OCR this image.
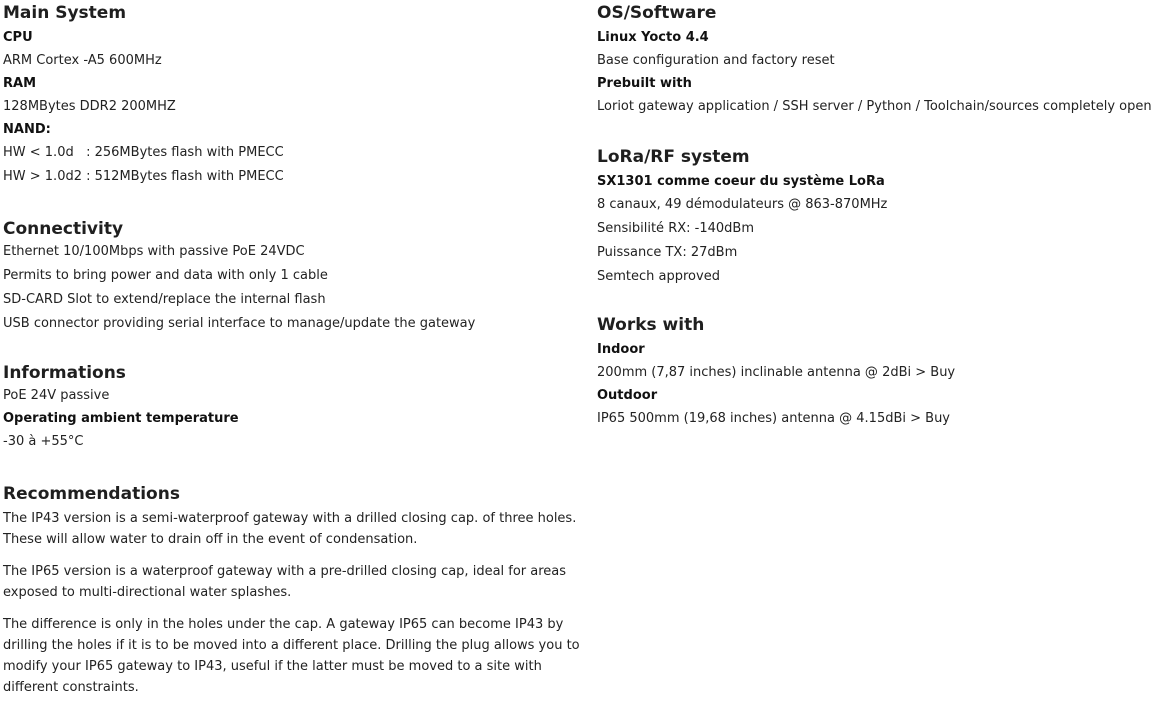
Main System
CPU
ARM Cortex -A5 600MHz
RAM
128MBytes DDR2 200MHZ
NAND:
HW < 1.0d   : 256MBytes flash with PMECC
HW > 1.0d2 : 512MBytes flash with PMECC
Connectivity
Ethernet 10/100Mbps with passive PoE 24VDC
Permits to bring power and data with only 1 cable
SD-CARD Slot to extend/replace the internal flash
USB connector providing serial interface to manage/update the gateway
Informations
PoE 24V passive
Operating ambient temperature
-30 à +55°C
Recommendations

The IP43 version is a semi-waterproof gateway with a drilled closing cap. of three holes. These will allow water to drain off in the event of condensation.

The IP65 version is a waterproof gateway with a pre-drilled closing cap, ideal for areas exposed to multi-directional water splashes.

The difference is only in the holes under the cap. A gateway IP65 can become IP43 by drilling the holes if it is to be moved into a different place. Drilling the plug allows you to modify your IP65 gateway to IP43, useful if the latter must be moved to a site with different constraints.

OS/Software
Linux Yocto 4.4
Base configuration and factory reset
Prebuilt with
Loriot gateway application / SSH server / Python / Toolchain/sources completely open
LoRa/RF system
SX1301 comme coeur du système LoRa
8 canaux, 49 démodulateurs @ 863-870MHz
Sensibilité RX: -140dBm
Puissance TX: 27dBm
Semtech approved
Works with
Indoor
200mm (7,87 inches) inclinable antenna @ 2dBi > Buy
Outdoor
IP65 500mm (19,68 inches) antenna @ 4.15dBi > Buy
